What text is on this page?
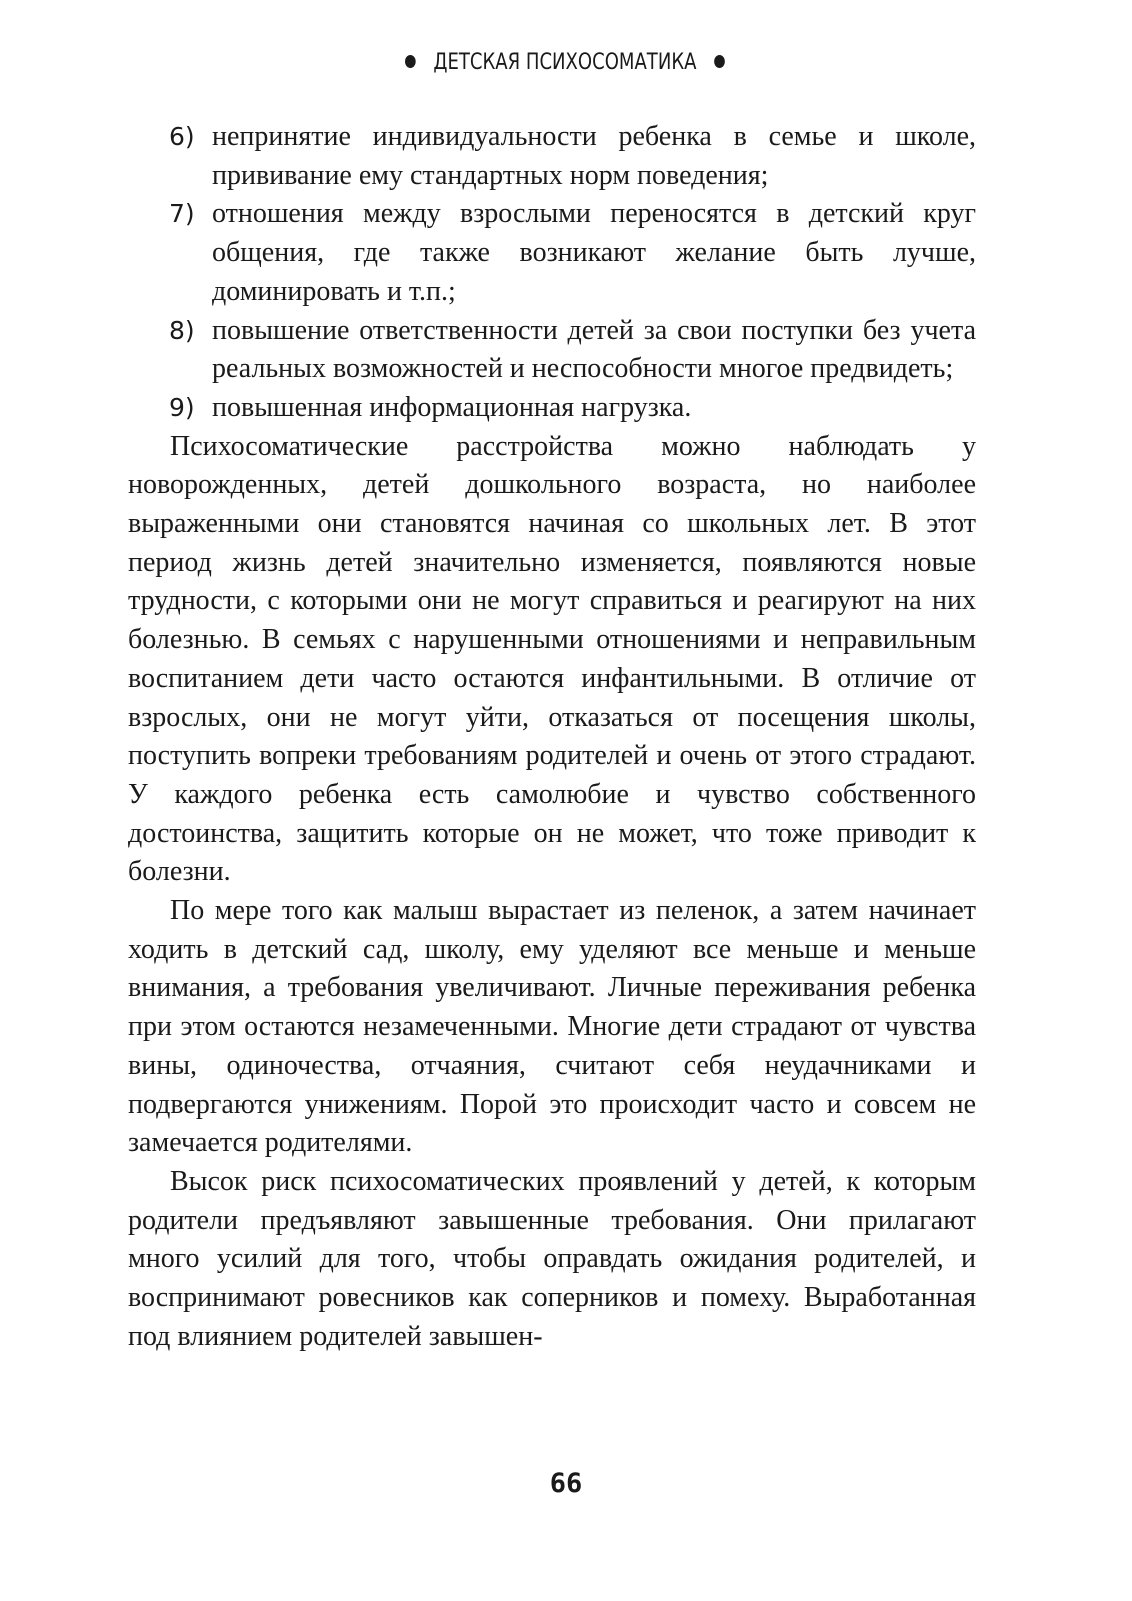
ДЕТСКАЯ ПСИХОСОМАТИКА
6) непринятие индивидуальности ребенка в семье и школе, прививание ему стандартных норм поведения;
7) отношения между взрослыми переносятся в детский круг общения, где также возникают желание быть лучше, доминировать и т.п.;
8) повышение ответственности детей за свои поступки без учета реальных возможностей и неспособности многое предвидеть;
9) повышенная информационная нагрузка.

Психосоматические расстройства можно наблюдать у новорожденных, детей дошкольного возраста, но наиболее выраженными они становятся начиная со школьных лет. В этот период жизнь детей значительно изменяется, появляются новые трудности, с которыми они не могут справиться и реагируют на них болезнью. В семьях с нарушенными отношениями и неправильным воспитанием дети часто остаются инфантильными. В отличие от взрослых, они не могут уйти, отказаться от посещения школы, поступить вопреки требованиям родителей и очень от этого страдают. У каждого ребенка есть самолюбие и чувство собственного достоинства, защитить которые он не может, что тоже приводит к болезни.

По мере того как малыш вырастает из пеленок, а затем начинает ходить в детский сад, школу, ему уделяют все меньше и меньше внимания, а требования увеличивают. Личные переживания ребенка при этом остаются незамеченными. Многие дети страдают от чувства вины, одиночества, отчаяния, считают себя неудачниками и подвергаются унижениям. Порой это происходит часто и совсем не замечается родителями.

Высок риск психосоматических проявлений у детей, к которым родители предъявляют завышенные требования. Они прилагают много усилий для того, чтобы оправдать ожидания родителей, и воспринимают ровесников как соперников и помеху. Выработанная под влиянием родителей завышен-

66
